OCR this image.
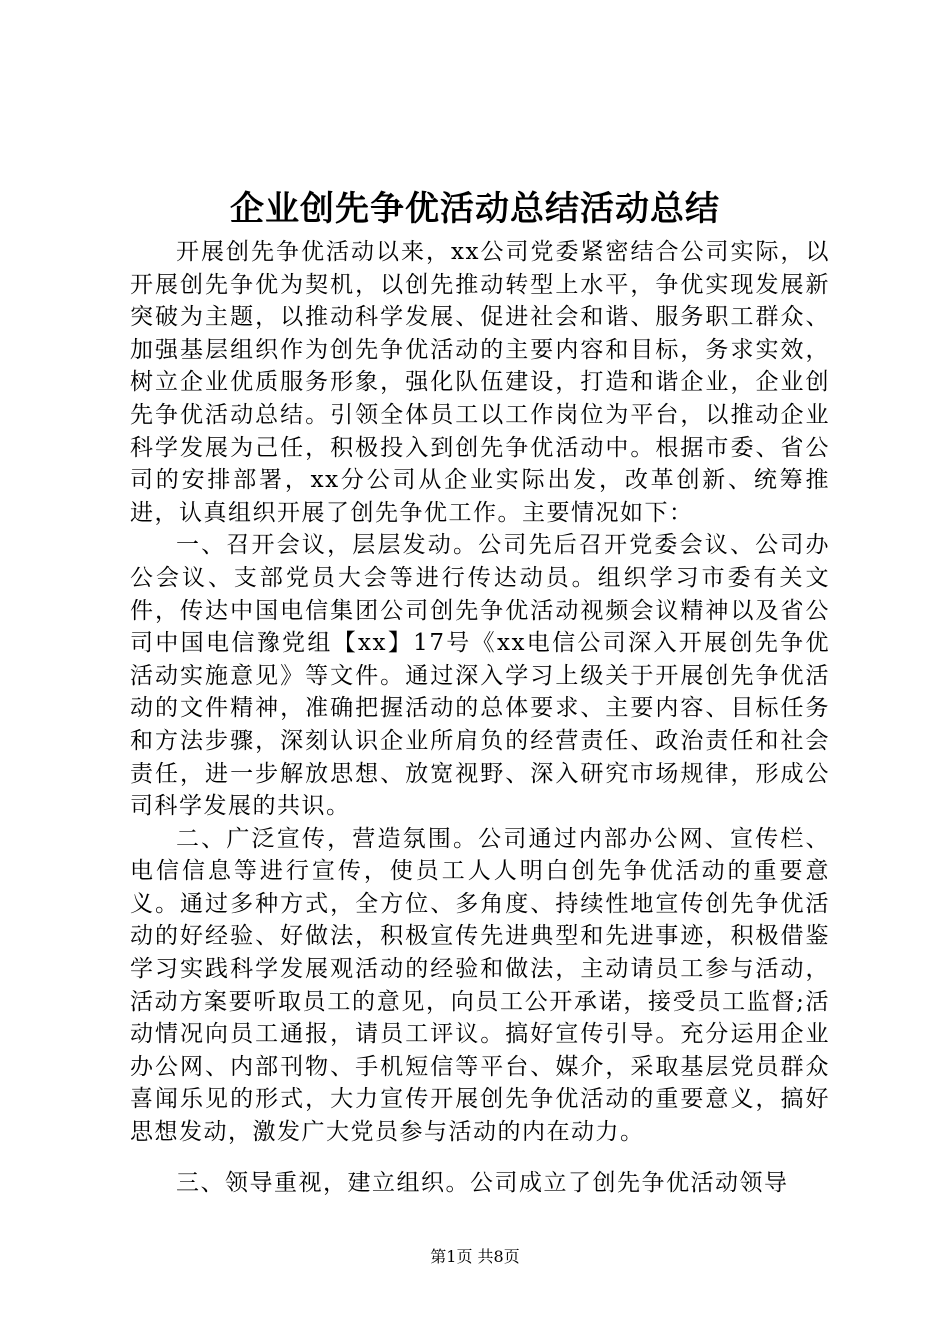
企业创先争优活动总结活动总结

开展创先争优活动以来，xx公司党委紧密结合公司实际，以开展创先争优为契机，以创先推动转型上水平，争优实现发展新突破为主题，以推动科学发展、促进社会和谐、服务职工群众、加强基层组织作为创先争优活动的主要内容和目标，务求实效，树立企业优质服务形象，强化队伍建设，打造和谐企业，企业创先争优活动总结。引领全体员工以工作岗位为平台，以推动企业科学发展为己任，积极投入到创先争优活动中。根据市委、省公司的安排部署，xx分公司从企业实际出发，改革创新、统筹推进，认真组织开展了创先争优工作。主要情况如下：

一、召开会议，层层发动。公司先后召开党委会议、公司办公会议、支部党员大会等进行传达动员。组织学习市委有关文件，传达中国电信集团公司创先争优活动视频会议精神以及省公司中国电信豫党组【xx】17号《xx电信公司深入开展创先争优活动实施意见》等文件。通过深入学习上级关于开展创先争优活动的文件精神，准确把握活动的总体要求、主要内容、目标任务和方法步骤，深刻认识企业所肩负的经营责任、政治责任和社会责任，进一步解放思想、放宽视野、深入研究市场规律，形成公司科学发展的共识。

二、广泛宣传，营造氛围。公司通过内部办公网、宣传栏、电信信息等进行宣传，使员工人人明白创先争优活动的重要意义。通过多种方式，全方位、多角度、持续性地宣传创先争优活动的好经验、好做法，积极宣传先进典型和先进事迹，积极借鉴学习实践科学发展观活动的经验和做法，主动请员工参与活动，活动方案要听取员工的意见，向员工公开承诺，接受员工监督;活动情况向员工通报，请员工评议。搞好宣传引导。充分运用企业办公网、内部刊物、手机短信等平台、媒介，采取基层党员群众喜闻乐见的形式，大力宣传开展创先争优活动的重要意义，搞好思想发动，激发广大党员参与活动的内在动力。

三、领导重视，建立组织。公司成立了创先争优活动领导

第1页 共8页
